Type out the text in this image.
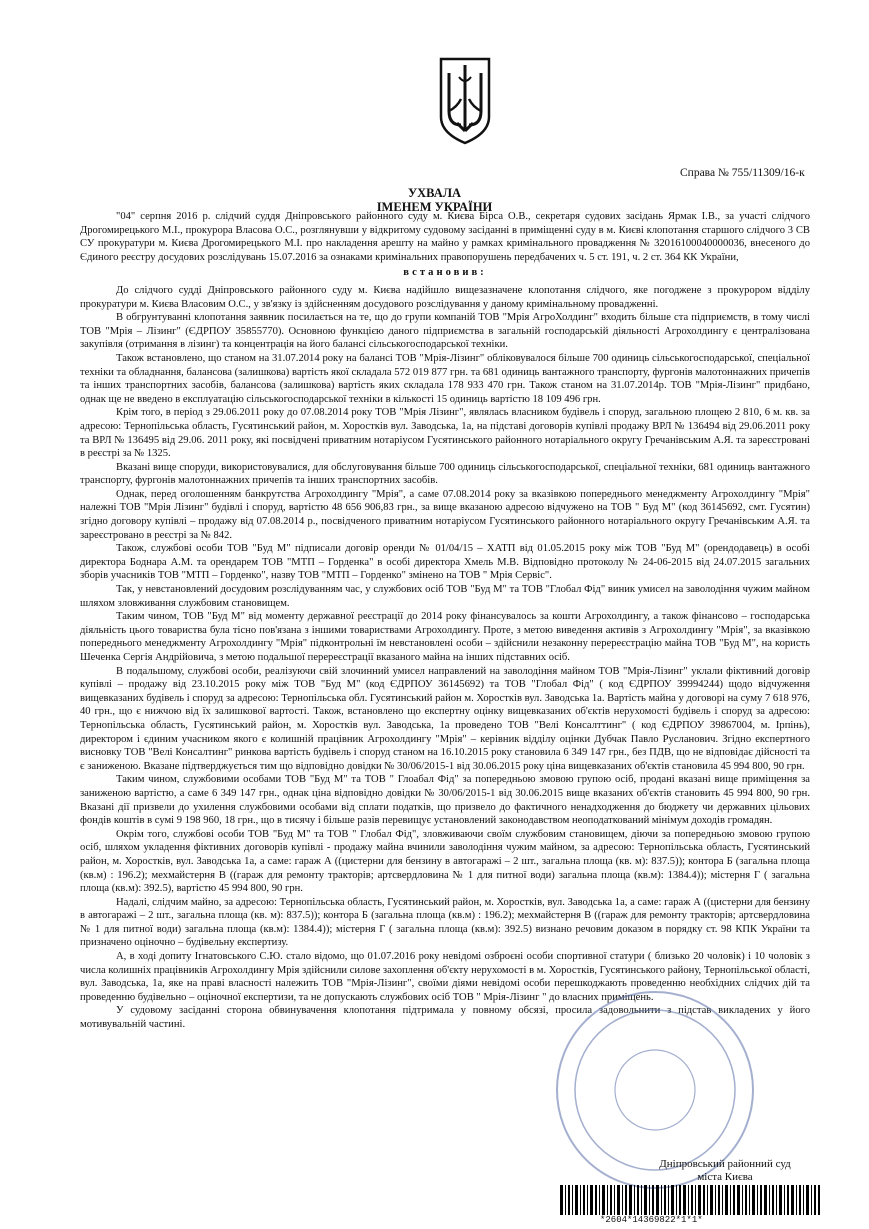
Справа № 755/11309/16-к
УХВАЛА
ІМЕНЕМ УКРАЇНИ

"04" серпня 2016 р. слідчий суддя Дніпровського районного суду м. Києва Бірса О.В., секретаря судових засідань Ярмак І.В., за участі слідчого Дрогомирецького М.І., прокурора Власова О.С., розглянувши у відкритому судовому засіданні в приміщенні суду в м. Києві клопотання старшого слідчого 3 СВ СУ прокуратури м. Києва Дрогомирецького М.І. про накладення арешту на майно у рамках кримінального провадження № 32016100040000036, внесеного до Єдиного реєстру досудових розслідувань 15.07.2016 за ознаками кримінальних правопорушень передбачених ч. 5 ст. 191, ч. 2 ст. 364 КК України,

встановив:

До слідчого судді Дніпровського районного суду м. Києва надійшло вищезазначене клопотання слідчого, яке погоджене з прокурором відділу прокуратури м. Києва Власовим О.С., у зв'язку із здійсненням досудового розслідування у даному кримінальному провадженні.

В обгрунтуванні клопотання заявник посилається на те, що до групи компаній ТОВ "Мрія АгроХолдинг" входить більше ста підприємств, в тому числі ТОВ "Мрія – Лізинг" (ЄДРПОУ 35855770). Основною функцією даного підприємства в загальній господарській діяльності Агрохолдингу є централізована закупівля (отримання в лізинг) та концентрація на його балансі сільськогосподарської техніки.

Також встановлено, що станом на 31.07.2014 року на балансі ТОВ "Мрія-Лізинг" обліковувалося більше 700 одиниць сільськогосподарської, спеціальної техніки та обладнання, балансова (залишкова) вартість якої складала 572 019 877 грн. та 681 одиниць вантажного транспорту, фургонів малотоннажних причепів та інших транспортних засобів, балансова (залишкова) вартість яких складала 178 933 470 грн. Також станом на 31.07.2014р. ТОВ "Мрія-Лізинг" придбано, однак ще не введено в експлуатацію сільськогосподарської техніки в кількості 15 одиниць вартістю 18 109 496 грн.

Крім того, в період з 29.06.2011 року до 07.08.2014 року ТОВ "Мрія Лізинг", являлась власником будівель і споруд, загальною площею 2 810, 6 м. кв. за адресою: Тернопільська область, Гусятинський район, м. Хоростків вул. Заводська, 1а, на підставі договорів купівлі продажу ВРЛ № 136494 від 29.06.2011 року та ВРЛ № 136495 від 29.06. 2011 року, які посвідчені приватним нотаріусом Гусятинського районного нотаріального округу Гречанівським А.Я. та зареєстровані в реєстрі за № 1325.

Вказані вище споруди, використовувалися, для обслуговування більше 700 одиниць сільськогосподарської, спеціальної техніки, 681 одиниць вантажного транспорту, фургонів малотоннажних причепів та інших транспортних засобів.

Однак, перед оголошенням банкрутства Агрохолдингу "Мрія", а саме 07.08.2014 року за вказівкою попереднього менеджменту Агрохолдингу "Мрія" належні ТОВ "Мрія Лізинг" будівлі і споруд, вартістю 48 656 906,83 грн., за вище вказаною адресою відчужено на ТОВ " Буд М" (код 36145692, смт. Гусятин) згідно договору купівлі – продажу від 07.08.2014 р., посвідченого приватним нотаріусом Гусятинського районного нотаріального округу Гречанівським А.Я. та зареєстровано в реєстрі за № 842.

Також, службові особи ТОВ "Буд М" підписали договір оренди № 01/04/15 – ХАТП від 01.05.2015 року між ТОВ "Буд М" (орендодавець) в особі директора Боднара А.М. та орендарем ТОВ "МТП – Горденка" в особі директора Хмель М.В. Відповідно протоколу № 24-06-2015 від 24.07.2015 загальних зборів учасників ТОВ "МТП – Горденко", назву ТОВ "МТП – Горденко" змінено на ТОВ " Мрія Сервіс".

Так, у невстановлений досудовим розслідуванням час, у службових осіб ТОВ "Буд М" та ТОВ "Глобал Фід" виник умисел на заволодіння чужим майном шляхом зловживання службовим становищем.

Таким чином, ТОВ "Буд М" від моменту державної реєстрації до 2014 року фінансувалось за кошти Агрохолдингу, а також фінансово – господарська діяльність цього товариства була тісно пов'язана з іншими товариствами Агрохолдингу. Проте, з метою виведення активів з Агрохолдингу "Мрія", за вказівкою попереднього менеджменту Агрохолдингу "Мрія" підконтрольні їм невстановлені особи – здійснили незаконну перереєстрацію майна ТОВ "Буд М", на користь Шеченка Сергія Андрійовича, з метою подальшої перереєстрації вказаного майна на інших підставних осіб.

В подальшому, службові особи, реалізуючи свій злочинний умисел направлений на заволодіння майном ТОВ "Мрія-Лізинг" уклали фіктивний договір купівлі – продажу від 23.10.2015 року між ТОВ "Буд М" (код ЄДРПОУ 36145692) та ТОВ "Глобал Фід" ( код ЄДРПОУ 39994244) щодо відчуження вищевказаних будівель і споруд за адресою: Тернопільська обл. Гусятинський район м. Хоростків вул. Заводська 1а. Вартість майна у договорі на суму 7 618 976, 40 грн., що є нижчою від їх залишкової вартості. Також, встановлено що експертну оцінку вищевказаних об'єктів нерухомості будівель і споруд за адресою: Тернопільська область, Гусятинський район, м. Хоростків вул. Заводська, 1а проведено ТОВ "Велі Консалттинг" ( код ЄДРПОУ 39867004, м. Ірпінь), директором і єдиним учасником якого є колишній працівник Агрохолдингу "Мрія" – керівник відділу оцінки Дубчак Павло Русланович. Згідно експертного висновку ТОВ "Велі Консалтинг" ринкова вартість будівель і споруд станом на 16.10.2015 року становила 6 349 147 грн., без ПДВ, що не відповідає дійсності та є заниженою. Вказане підтверджується тим що відповідно довідки № 30/06/2015-1 від 30.06.2015 року ціна вищевказаних об'єктів становила 45 994 800, 90 грн.

Таким чином, службовими особами ТОВ "Буд М" та ТОВ " Глоабал Фід" за попередньою змовою групою осіб, продані вказані вище приміщення за заниженою вартістю, а саме 6 349 147 грн., однак ціна відповідно довідки № 30/06/2015-1 від 30.06.2015 вище вказаних об'єктів становить 45 994 800, 90 грн. Вказані дії призвели до ухилення службовими особами від сплати податків, що призвело до фактичного ненадходження до бюджету чи державних цільових фондів коштів в сумі 9 198 960, 18 грн., що в тисячу і більше разів перевищує установлений законодавством неоподаткований мінімум доходів громадян.

Окрім того, службові особи ТОВ "Буд М" та ТОВ " Глобал Фід", зловживаючи своїм службовим становищем, діючи за попередньою змовою групою осіб, шляхом укладення фіктивних договорів купівлі - продажу майна вчинили заволодіння чужим майном, за адресою: Тернопільська область, Гусятинський район, м. Хоростків, вул. Заводська 1а, а саме: гараж А ((цистерни для бензину в автогаражі – 2 шт., загальна площа (кв. м): 837.5)); контора Б (загальна площа (кв.м) : 196.2); мехмайстерня В ((гараж для ремонту тракторів; артсвердловина № 1 для питної води) загальна площа (кв.м): 1384.4)); мiстерня Г ( загальна площа (кв.м): 392.5), вартістю 45 994 800, 90 грн.

Надалі, слідчим майно, за адресою: Тернопільська область, Гусятинський район, м. Хоростків, вул. Заводська 1а, а саме: гараж А ((цистерни для бензину в автогаражі – 2 шт., загальна площа (кв. м): 837.5)); контора Б (загальна площа (кв.м) : 196.2); мехмайстерня В ((гараж для ремонту тракторів; артсвердловина № 1 для питної води) загальна площа (кв.м): 1384.4)); мiстерня Г ( загальна площа (кв.м): 392.5) визнано речовим доказом в порядку ст. 98 КПК України та призначено оціночно – будівельну експертизу.

А, в ході допиту Ігнатовського С.Ю. стало відомо, що 01.07.2016 року невідомі озброєні особи спортивної статури ( близько 20 чоловік) і 10 чоловік з числа колишніх працівників Агрохолдингу Мрія здійснили силове захоплення об'єкту нерухомості в м. Хоростків, Гусятинського району, Тернопільської області, вул. Заводська, 1а, яке на праві власності належить ТОВ "Мрія-Лізинг", своїми діями невідомі особи перешкоджають проведенню необхідних слідчих дій та проведенню будівельно – оціночної експертизи, та не допускають службових осіб ТОВ " Мрія-Лізинг " до власних приміщень.

У судовому засіданні сторона обвинувачення клопотання підтримала у повному обсязі, просила задовольнити з підстав викладених у його мотивувальній частині.

Дніпровський районний суд
міста Києва
*2604*14369822*1*1*
